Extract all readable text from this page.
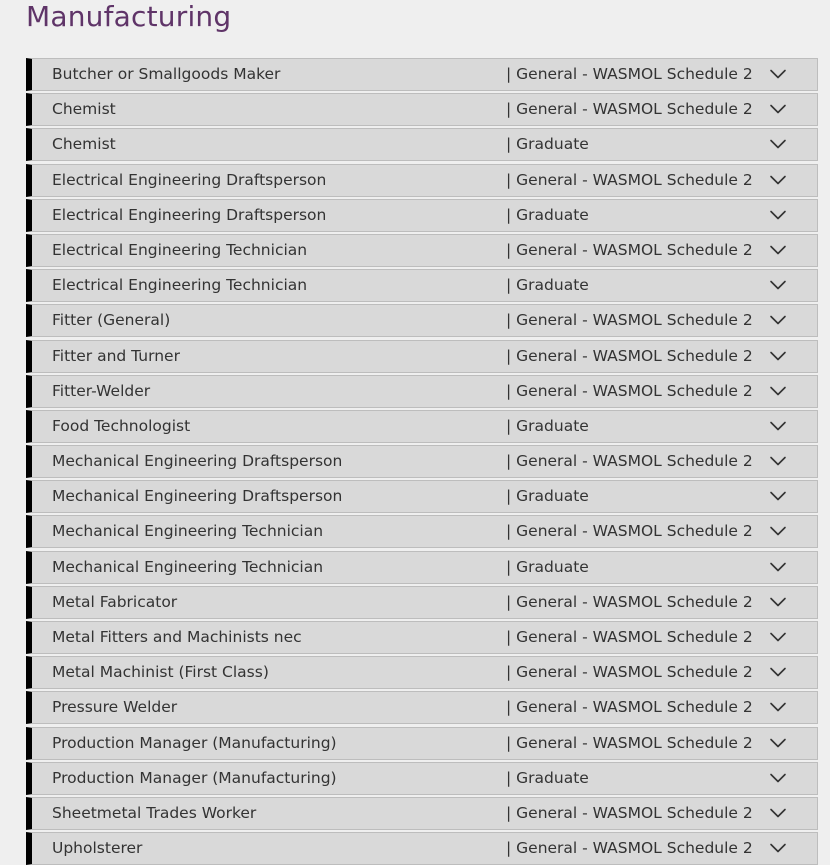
Manufacturing
Butcher or Smallgoods Maker	| General - WASMOL Schedule 2
Chemist	| General - WASMOL Schedule 2
Chemist	| Graduate
Electrical Engineering Draftsperson	| General - WASMOL Schedule 2
Electrical Engineering Draftsperson	| Graduate
Electrical Engineering Technician	| General - WASMOL Schedule 2
Electrical Engineering Technician	| Graduate
Fitter (General)	| General - WASMOL Schedule 2
Fitter and Turner	| General - WASMOL Schedule 2
Fitter-Welder	| General - WASMOL Schedule 2
Food Technologist	| Graduate
Mechanical Engineering Draftsperson	| General - WASMOL Schedule 2
Mechanical Engineering Draftsperson	| Graduate
Mechanical Engineering Technician	| General - WASMOL Schedule 2
Mechanical Engineering Technician	| Graduate
Metal Fabricator	| General - WASMOL Schedule 2
Metal Fitters and Machinists nec	| General - WASMOL Schedule 2
Metal Machinist (First Class)	| General - WASMOL Schedule 2
Pressure Welder	| General - WASMOL Schedule 2
Production Manager (Manufacturing)	| General - WASMOL Schedule 2
Production Manager (Manufacturing)	| Graduate
Sheetmetal Trades Worker	| General - WASMOL Schedule 2
Upholsterer	| General - WASMOL Schedule 2
